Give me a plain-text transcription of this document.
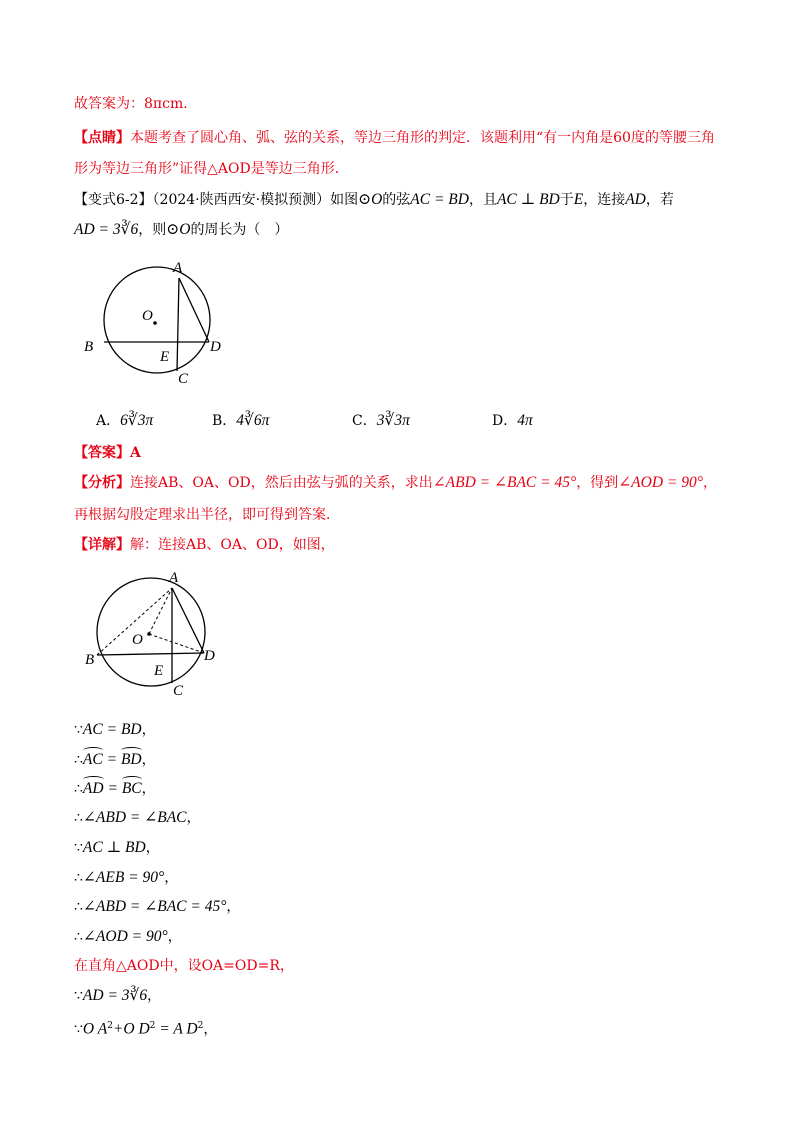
故答案为：8πcm．
【点睛】本题考查了圆心角、弧、弦的关系，等边三角形的判定．该题利用“有一内角是60度的等腰三角
形为等边三角形”证得△AOD是等边三角形．
【变式6-2】（2024·陕西西安·模拟预测）如图⊙O的弦AC = BD，且AC ⊥ BD于E，连接AD，若
AD = 3∛6，则⊙O的周长为（　）
A
O
B	D
E
C
A．6∛3π	B．4∛6π	C．3∛3π	D．4π
【答案】A
【分析】连接AB、OA、OD，然后由弦与弧的关系，求出∠ABD = ∠BAC = 45°，得到∠AOD = 90°，
再根据勾股定理求出半径，即可得到答案．
【详解】解：连接AB、OA、OD，如图，
A
O
B	D
E
C
∵AC = BD，
∴AC = BD，
∴AD = BC，
∴∠ABD = ∠BAC，
∵AC ⊥ BD，
∴∠AEB = 90°，
∴∠ABD = ∠BAC = 45°，
∴∠AOD = 90°，
在直角△AOD中，设OA=OD=R，
∵AD = 3∛6，
∵O $A^2+O$ $D^2 = A$ $D^2$，
